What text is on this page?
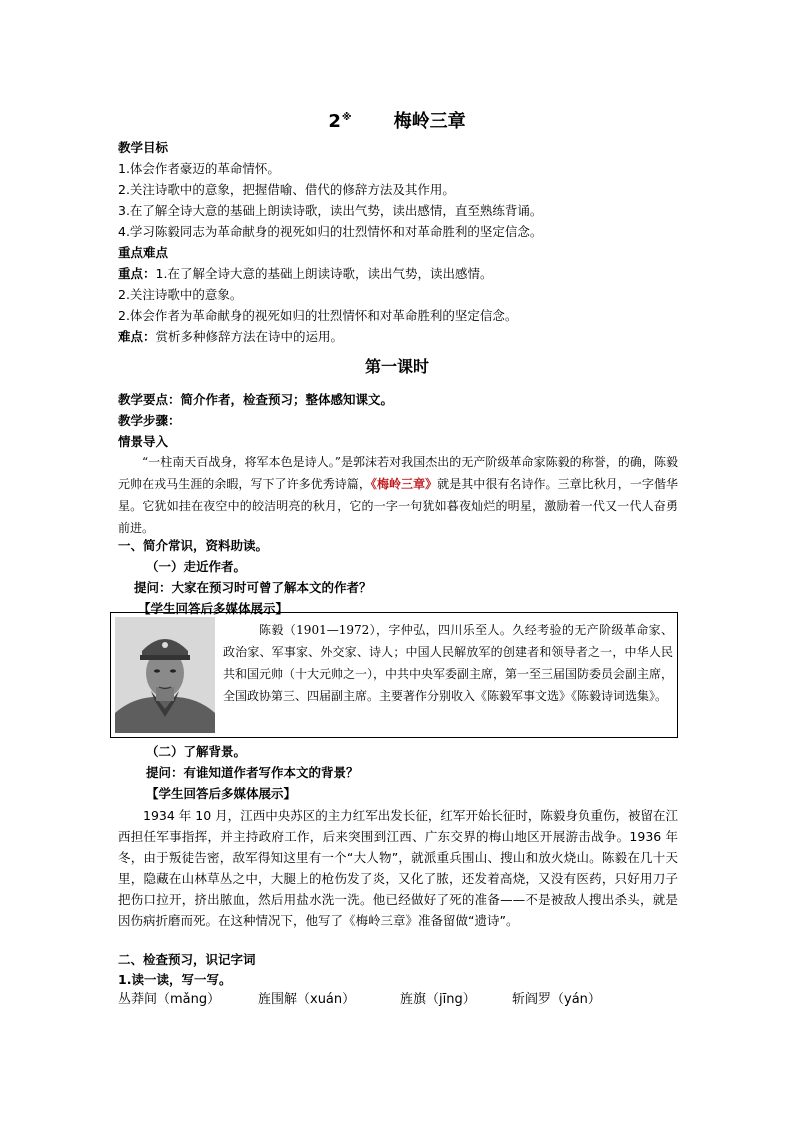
2※ 梅岭三章
教学目标
1.体会作者豪迈的革命情怀。
2.关注诗歌中的意象，把握借喻、借代的修辞方法及其作用。
3.在了解全诗大意的基础上朗读诗歌，读出气势，读出感情，直至熟练背诵。
4.学习陈毅同志为革命献身的视死如归的壮烈情怀和对革命胜利的坚定信念。
重点难点
重点：1.在了解全诗大意的基础上朗读诗歌，读出气势，读出感情。
2.关注诗歌中的意象。
2.体会作者为革命献身的视死如归的壮烈情怀和对革命胜利的坚定信念。
难点：赏析多种修辞方法在诗中的运用。
第一课时
教学要点：简介作者，检查预习；整体感知课文。
教学步骤：
情景导入
“一柱南天百战身，将军本色是诗人。”是郭沫若对我国杰出的无产阶级革命家陈毅的称誉，的确，陈毅元帅在戎马生涯的余暇，写下了许多优秀诗篇，《梅岭三章》就是其中很有名诗作。三章比秋月，一字偕华星。它犹如挂在夜空中的皎洁明亮的秋月，它的一字一句犹如暮夜灿烂的明星，激励着一代又一代人奋勇前进。
一、简介常识，资料助读。
（一）走近作者。
提问：大家在预习时可曾了解本文的作者？
【学生回答后多媒体展示】
陈毅（1901—1972），字仲弘，四川乐至人。久经考验的无产阶级革命家、政治家、军事家、外交家、诗人；中国人民解放军的创建者和领导者之一，中华人民共和国元帅（十大元帅之一），中共中央军委副主席，第一至三届国防委员会副主席，全国政协第三、四届副主席。主要著作分别收入《陈毅军事文选》《陈毅诗词选集》。
（二）了解背景。
提问：有谁知道作者写作本文的背景？
【学生回答后多媒体展示】
1934 年 10 月，江西中央苏区的主力红军出发长征，红军开始长征时，陈毅身负重伤，被留在江西担任军事指挥，并主持政府工作，后来突围到江西、广东交界的梅山地区开展游击战争。1936 年冬，由于叛徒告密，敌军得知这里有一个“大人物”，就派重兵围山、搜山和放火烧山。陈毅在几十天里，隐藏在山林草丛之中，大腿上的枪伤发了炎，又化了脓，还发着高烧，又没有医药，只好用刀子把伤口拉开，挤出脓血，然后用盐水洗一洗。他已经做好了死的准备——不是被敌人搜出杀头，就是因伤病折磨而死。在这种情况下，他写了《梅岭三章》准备留做“遗诗”。
二、检查预习，识记字词
1.读一读，写一写。
丛莽间（mǎng）	旌围解（xuán）	旌旗（jīng）	斩阎罗（yán）
